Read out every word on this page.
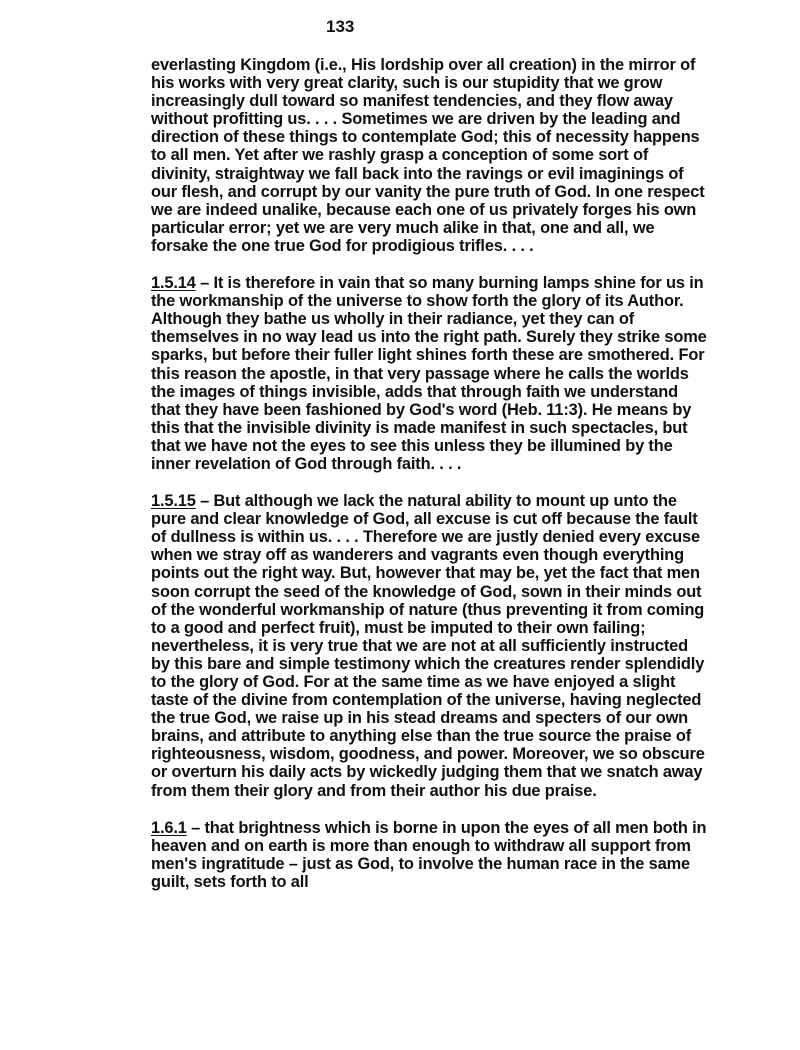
133

everlasting Kingdom (i.e., His lordship over all creation) in the mirror of his works with very great clarity, such is our stupidity that we grow increasingly dull toward so manifest tendencies, and they flow away without profitting us. . . . Sometimes we are driven by the leading and direction of these things to contemplate God; this of necessity happens to all men. Yet after we rashly grasp a conception of some sort of divinity, straightway we fall back into the ravings or evil imaginings of our flesh, and corrupt by our vanity the pure truth of God. In one respect we are indeed unalike, because each one of us privately forges his own particular error; yet we are very much alike in that, one and all, we forsake the one true God for prodigious trifles. . . .

1.5.14 – It is therefore in vain that so many burning lamps shine for us in the workmanship of the universe to show forth the glory of its Author. Although they bathe us wholly in their radiance, yet they can of themselves in no way lead us into the right path. Surely they strike some sparks, but before their fuller light shines forth these are smothered. For this reason the apostle, in that very passage where he calls the worlds the images of things invisible, adds that through faith we understand that they have been fashioned by God's word (Heb. 11:3). He means by this that the invisible divinity is made manifest in such spectacles, but that we have not the eyes to see this unless they be illumined by the inner revelation of God through faith. . . .

1.5.15 – But although we lack the natural ability to mount up unto the pure and clear knowledge of God, all excuse is cut off because the fault of dullness is within us. . . . Therefore we are justly denied every excuse when we stray off as wanderers and vagrants even though everything points out the right way. But, however that may be, yet the fact that men soon corrupt the seed of the knowledge of God, sown in their minds out of the wonderful workmanship of nature (thus preventing it from coming to a good and perfect fruit), must be imputed to their own failing; nevertheless, it is very true that we are not at all sufficiently instructed by this bare and simple testimony which the creatures render splendidly to the glory of God. For at the same time as we have enjoyed a slight taste of the divine from contemplation of the universe, having neglected the true God, we raise up in his stead dreams and specters of our own brains, and attribute to anything else than the true source the praise of righteousness, wisdom, goodness, and power. Moreover, we so obscure or overturn his daily acts by wickedly judging them that we snatch away from them their glory and from their author his due praise.

1.6.1 – that brightness which is borne in upon the eyes of all men both in heaven and on earth is more than enough to withdraw all support from men's ingratitude – just as God, to involve the human race in the same guilt, sets forth to all
